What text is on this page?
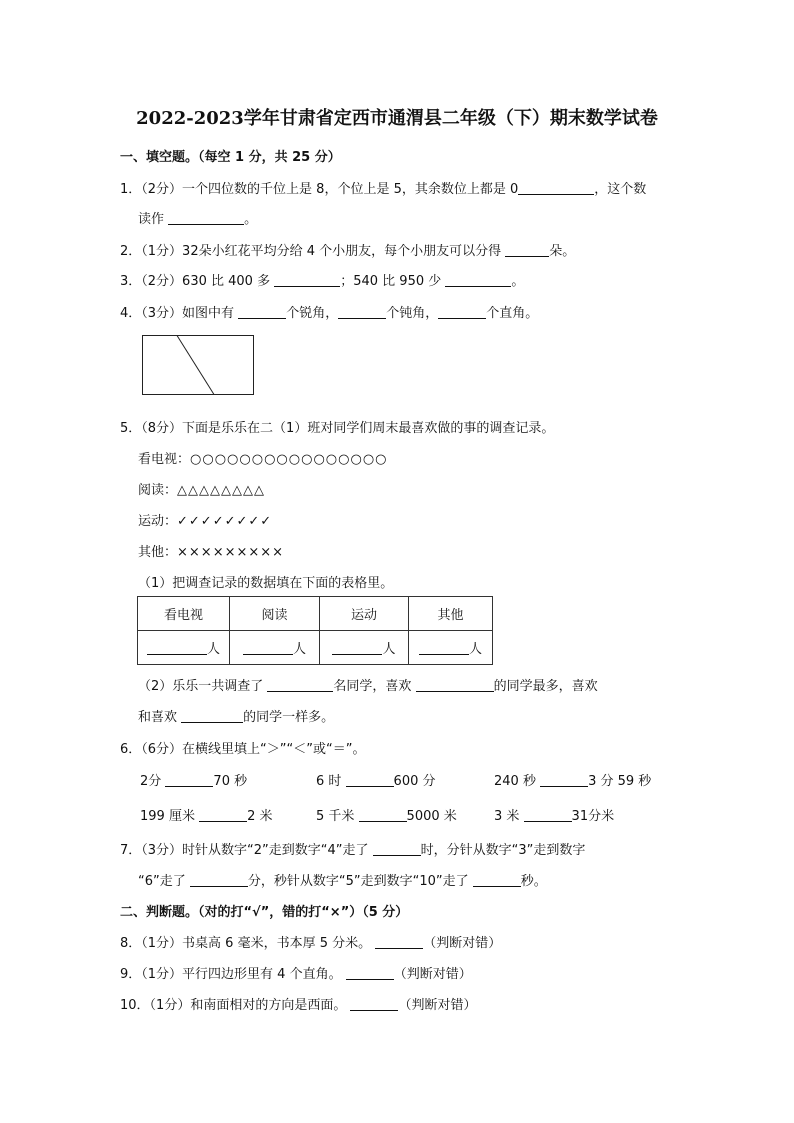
2022-2023学年甘肃省定西市通渭县二年级（下）期末数学试卷
一、填空题。（每空 1 分，共 25 分）
1．（2分）一个四位数的千位上是 8，个位上是 5，其余数位上都是 0	，这个数
读作	。
2．（1分）32朵小红花平均分给 4 个小朋友，每个小朋友可以分得	朵。
3．（2分）630 比 400 多	；540 比 950 少	。
4．（3分）如图中有	个锐角，	个钝角，	个直角。
5．（8分）下面是乐乐在二（1）班对同学们周末最喜欢做的事的调查记录。
看电视：○○○○○○○○○○○○○○○○
阅读：△△△△△△△△
运动：✓✓✓✓✓✓✓✓
其他：×××××××××
（1）把调查记录的数据填在下面的表格里。
看电视	阅读	运动	其他
人	人	人	人
（2）乐乐一共调查了	名同学，喜欢	的同学最多，喜欢
和喜欢	的同学一样多。
6．（6分）在横线里填上“＞”“＜”或“＝”。
2分	70 秒	6 时	600 分	240 秒	3 分 59 秒
199 厘米	2 米	5 千米	5000 米	3 米	31分米
7．（3分）时针从数字“2”走到数字“4”走了	时，分针从数字“3”走到数字
“6”走了	分，秒针从数字“5”走到数字“10”走了	秒。
二、判断题。（对的打“√”，错的打“×”）（5 分）
8．（1分）书桌高 6 毫米，书本厚 5 分米。	（判断对错）
9．（1分）平行四边形里有 4 个直角。	（判断对错）
10．（1分）和南面相对的方向是西面。	（判断对错）
